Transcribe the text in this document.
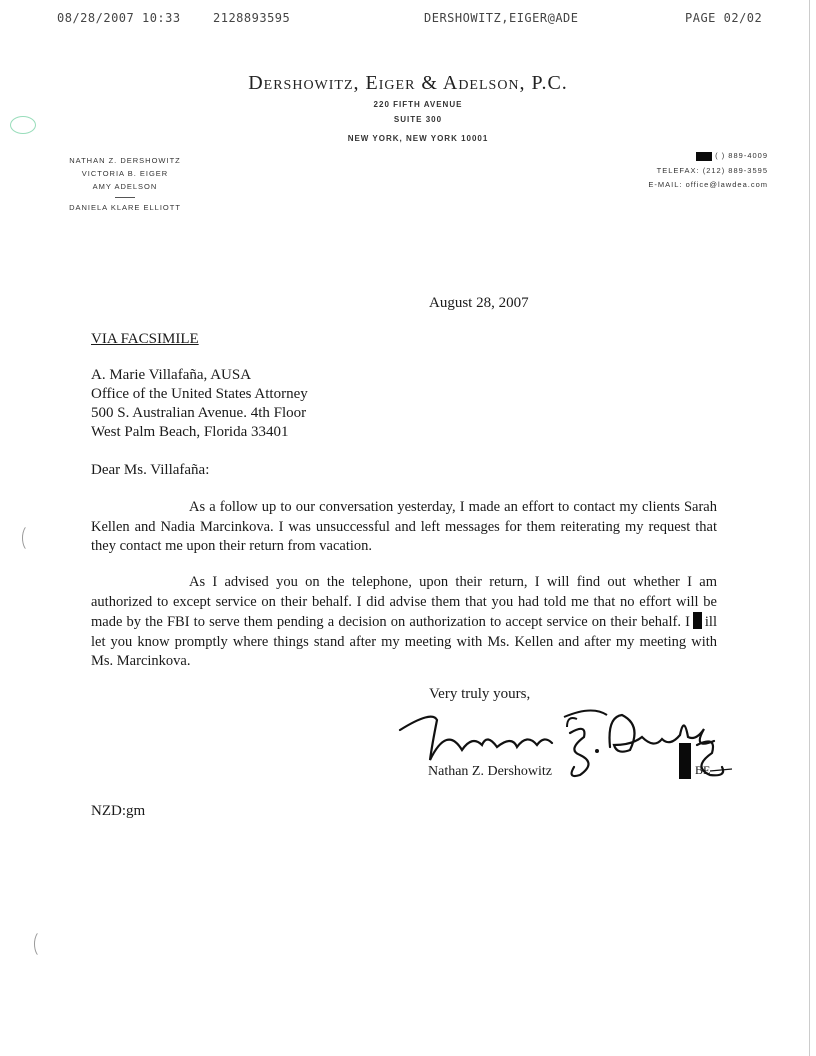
08/28/2007 10:33	2128893595	DERSHOWITZ,EIGER@ADE	PAGE 02/02
Dershowitz, Eiger & Adelson, P.C.
220 FIFTH AVENUE
SUITE 300
NEW YORK, NEW YORK 10001
NATHAN Z. DERSHOWITZ
VICTORIA B. EIGER
AMY ADELSON
DANIELA KLARE ELLIOTT
( ) 889-4009
TELEFAX: (212) 889-3595
E-MAIL: office@lawdea.com
August 28, 2007
VIA FACSIMILE
A. Marie Villafaña, AUSA
Office of the United States Attorney
500 S. Australian Avenue. 4th Floor
West Palm Beach, Florida 33401
Dear Ms. Villafaña:
As a follow up to our conversation yesterday, I made an effort to contact my clients Sarah Kellen and Nadia Marcinkova. I was unsuccessful and left messages for them reiterating my request that they contact me upon their return from vacation.
As I advised you on the telephone, upon their return, I will find out whether I am authorized to except service on their behalf. I did advise them that you had told me that no effort will be made by the FBI to serve them pending a decision on authorization to accept service on their behalf. I ill let you know promptly where things stand after my meeting with Ms. Kellen and after my meeting with Ms. Marcinkova.
Very truly yours,
BE
Nathan Z. Dershowitz
NZD:gm
